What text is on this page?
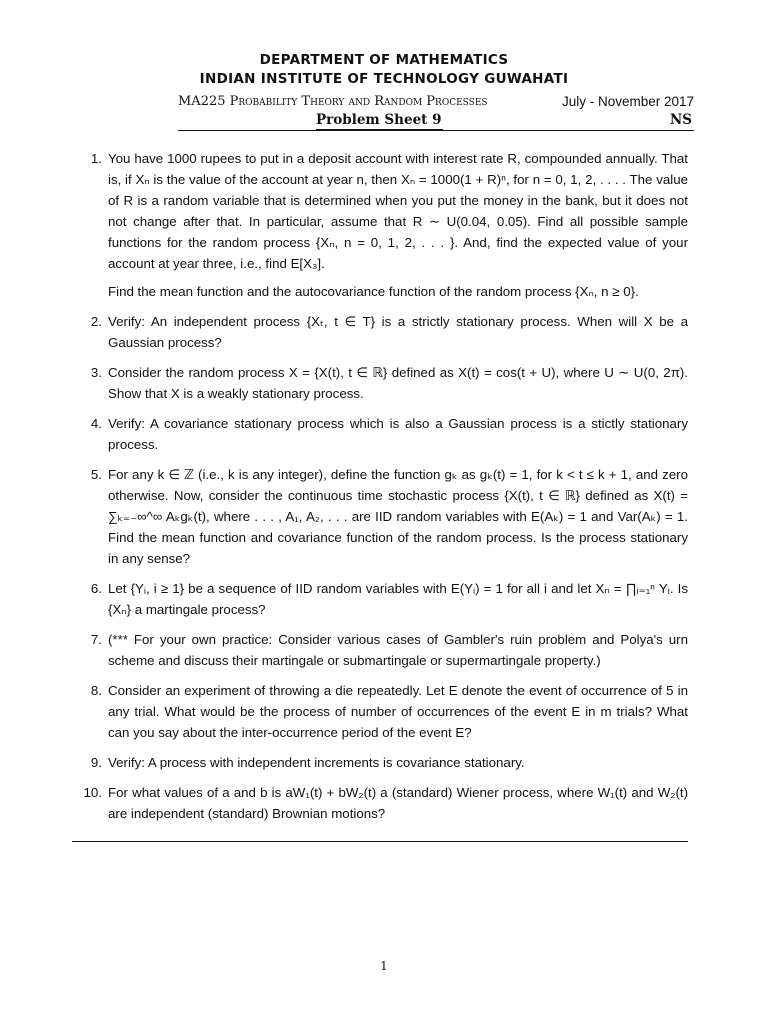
DEPARTMENT OF MATHEMATICS
INDIAN INSTITUTE OF TECHNOLOGY GUWAHATI
MA225 Probability Theory and Random Processes	July - November 2017
Problem Sheet 9	NS
1. You have 1000 rupees to put in a deposit account with interest rate R, compounded annually. That is, if Xₙ is the value of the account at year n, then Xₙ = 1000(1 + R)ⁿ, for n = 0, 1, 2, . . . . The value of R is a random variable that is determined when you put the money in the bank, but it does not not change after that. In particular, assume that R ∼ U(0.04, 0.05). Find all possible sample functions for the random process {Xₙ, n = 0, 1, 2, . . . }. And, find the expected value of your account at year three, i.e., find E[X₃].
Find the mean function and the autocovariance function of the random process {Xₙ, n ≥ 0}.
2. Verify: An independent process {Xₜ, t ∈ T} is a strictly stationary process. When will X be a Gaussian process?
3. Consider the random process X = {X(t), t ∈ ℝ} defined as X(t) = cos(t + U), where U ∼ U(0, 2π). Show that X is a weakly stationary process.
4. Verify: A covariance stationary process which is also a Gaussian process is a stictly stationary process.
5. For any k ∈ ℤ (i.e., k is any integer), define the function gₖ as gₖ(t) = 1, for k < t ≤ k + 1, and zero otherwise. Now, consider the continuous time stochastic process {X(t), t ∈ ℝ} defined as X(t) = ∑ₖ₌₋∞^∞ Aₖgₖ(t), where . . . , A₁, A₂, . . . are IID random variables with E(Aₖ) = 1 and Var(Aₖ) = 1. Find the mean function and covariance function of the random process. Is the process stationary in any sense?
6. Let {Yᵢ, i ≥ 1} be a sequence of IID random variables with E(Yᵢ) = 1 for all i and let Xₙ = ∏ᵢ₌₁ⁿ Yᵢ. Is {Xₙ} a martingale process?
7. (*** For your own practice: Consider various cases of Gambler's ruin problem and Polya's urn scheme and discuss their martingale or submartingale or supermartingale property.)
8. Consider an experiment of throwing a die repeatedly. Let E denote the event of occurrence of 5 in any trial. What would be the process of number of occurrences of the event E in m trials? What can you say about the inter-occurrence period of the event E?
9. Verify: A process with independent increments is covariance stationary.
10. For what values of a and b is aW₁(t) + bW₂(t) a (standard) Wiener process, where W₁(t) and W₂(t) are independent (standard) Brownian motions?
1
